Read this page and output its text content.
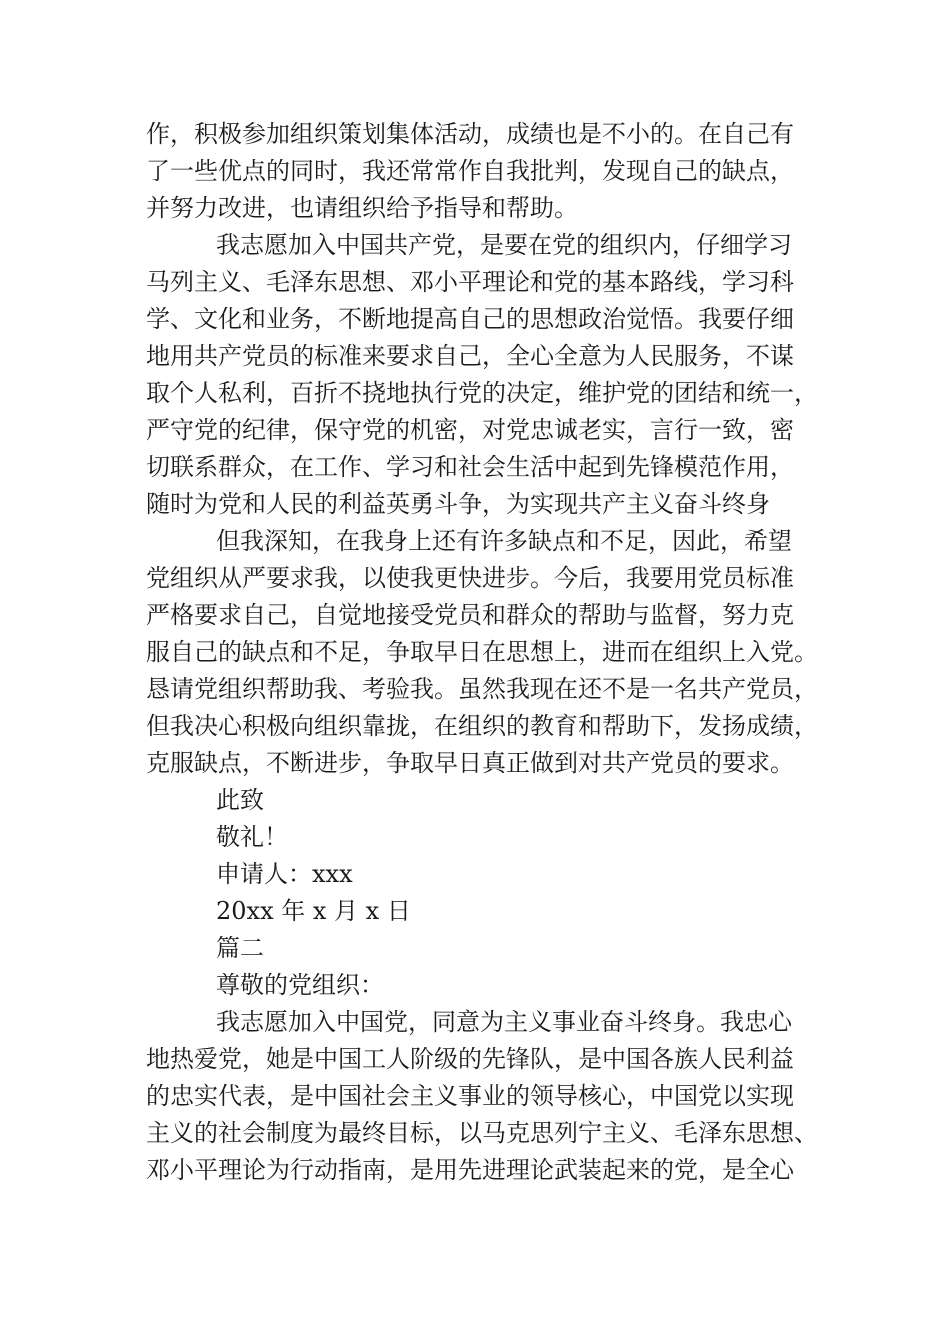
作，积极参加组织策划集体活动，成绩也是不小的。在自己有
了一些优点的同时，我还常常作自我批判，发现自己的缺点，
并努力改进，也请组织给予指导和帮助。
我志愿加入中国共产党，是要在党的组织内，仔细学习
马列主义、毛泽东思想、邓小平理论和党的基本路线，学习科
学、文化和业务，不断地提高自己的思想政治觉悟。我要仔细
地用共产党员的标准来要求自己，全心全意为人民服务，不谋
取个人私利，百折不挠地执行党的决定，维护党的团结和统一，
严守党的纪律，保守党的机密，对党忠诚老实，言行一致，密
切联系群众，在工作、学习和社会生活中起到先锋模范作用，
随时为党和人民的利益英勇斗争，为实现共产主义奋斗终身
但我深知，在我身上还有许多缺点和不足，因此，希望
党组织从严要求我，以使我更快进步。今后，我要用党员标准
严格要求自己，自觉地接受党员和群众的帮助与监督，努力克
服自己的缺点和不足，争取早日在思想上，进而在组织上入党。
恳请党组织帮助我、考验我。虽然我现在还不是一名共产党员，
但我决心积极向组织靠拢，在组织的教育和帮助下，发扬成绩，
克服缺点，不断进步，争取早日真正做到对共产党员的要求。
此致
敬礼！
申请人：xxx
20xx 年 x 月 x 日
篇二
尊敬的党组织：
我志愿加入中国党，同意为主义事业奋斗终身。我忠心
地热爱党，她是中国工人阶级的先锋队，是中国各族人民利益
的忠实代表，是中国社会主义事业的领导核心，中国党以实现
主义的社会制度为最终目标，以马克思列宁主义、毛泽东思想、
邓小平理论为行动指南，是用先进理论武装起来的党，是全心
